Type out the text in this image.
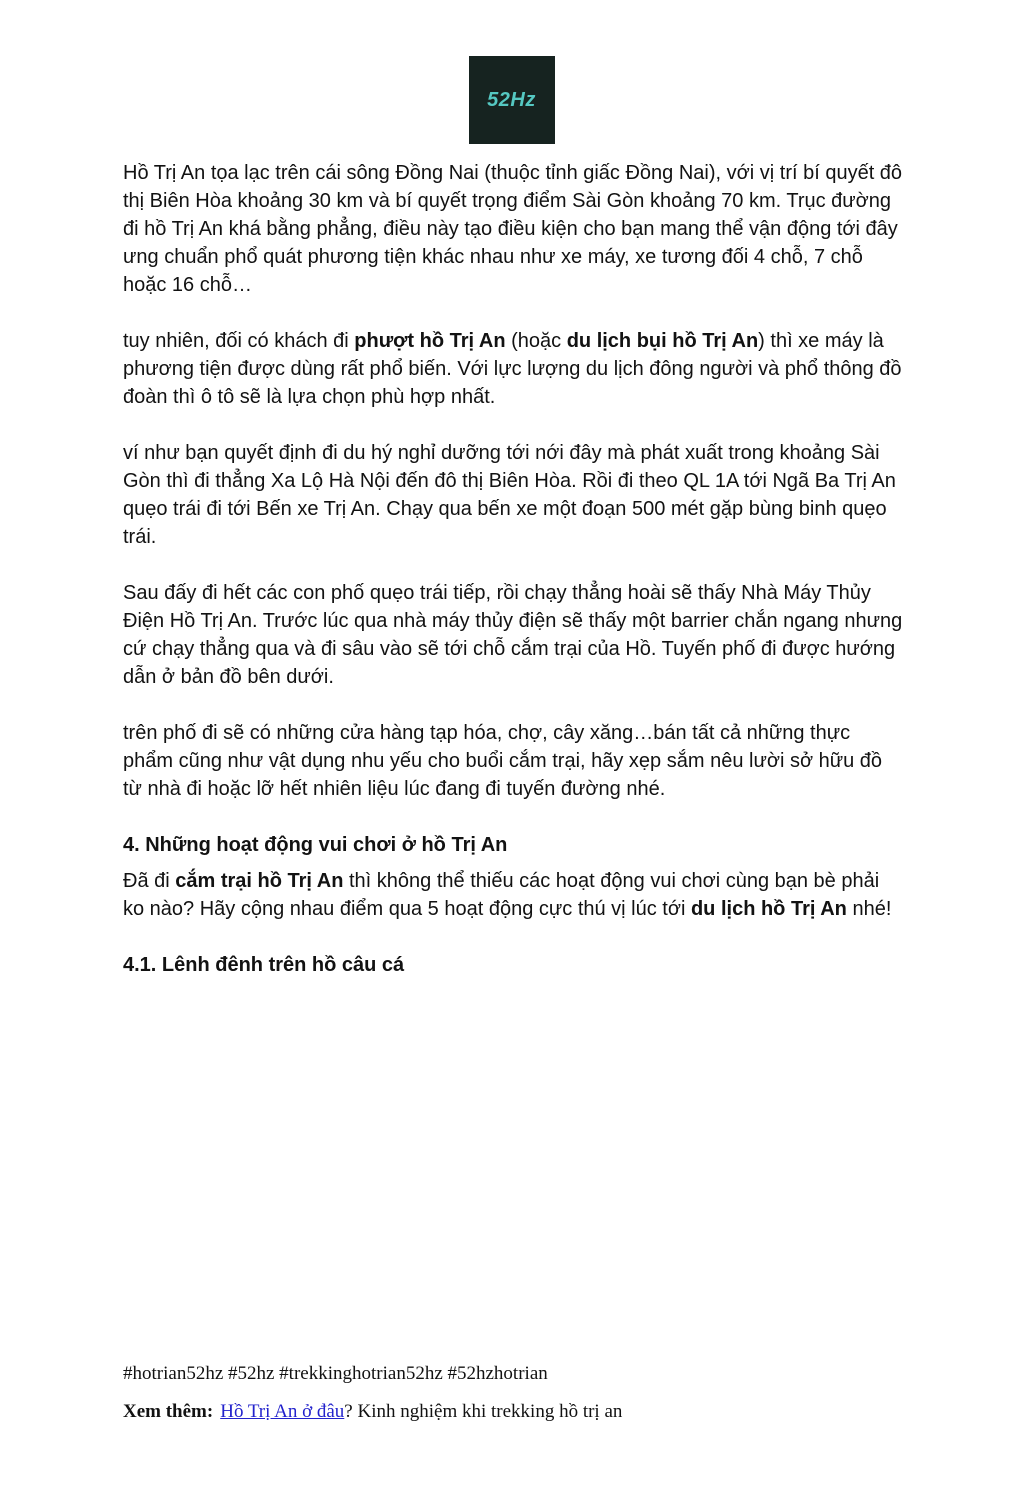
52Hz

Hồ Trị An tọa lạc trên cái sông Đồng Nai (thuộc tỉnh giấc Đồng Nai), với vị trí bí quyết đô thị Biên Hòa khoảng 30 km và bí quyết trọng điểm Sài Gòn khoảng 70 km. Trục đường đi hồ Trị An khá bằng phẳng, điều này tạo điều kiện cho bạn mang thể vận động tới đây ưng chuẩn phổ quát phương tiện khác nhau như xe máy, xe tương đối 4 chỗ, 7 chỗ hoặc 16 chỗ…

tuy nhiên, đối có khách đi phượt hồ Trị An (hoặc du lịch bụi hồ Trị An) thì xe máy là phương tiện được dùng rất phổ biến. Với lực lượng du lịch đông người và phổ thông đồ đoàn thì ô tô sẽ là lựa chọn phù hợp nhất.

ví như bạn quyết định đi du hý nghỉ dưỡng tới nới đây mà phát xuất trong khoảng Sài Gòn thì đi thẳng Xa Lộ Hà Nội đến đô thị Biên Hòa. Rồi đi theo QL 1A tới Ngã Ba Trị An quẹo trái đi tới Bến xe Trị An. Chạy qua bến xe một đoạn 500 mét gặp bùng binh quẹo trái.

Sau đấy đi hết các con phố quẹo trái tiếp, rồi chạy thẳng hoài sẽ thấy Nhà Máy Thủy Điện Hồ Trị An. Trước lúc qua nhà máy thủy điện sẽ thấy một barrier chắn ngang nhưng cứ chạy thẳng qua và đi sâu vào sẽ tới chỗ cắm trại của Hồ. Tuyến phố đi được hướng dẫn ở bản đồ bên dưới.

trên phố đi sẽ có những cửa hàng tạp hóa, chợ, cây xăng…bán tất cả những thực phẩm cũng như vật dụng nhu yếu cho buổi cắm trại, hãy xẹp sắm nêu lười sở hữu đồ từ nhà đi hoặc lỡ hết nhiên liệu lúc đang đi tuyến đường nhé.

4. Những hoạt động vui chơi ở hồ Trị An

Đã đi cắm trại hồ Trị An thì không thể thiếu các hoạt động vui chơi cùng bạn bè phải ko nào? Hãy cộng nhau điểm qua 5 hoạt động cực thú vị lúc tới du lịch hồ Trị An nhé!

4.1. Lênh đênh trên hồ câu cá

#hotrian52hz #52hz #trekkinghotrian52hz #52hzhotrian

Xem thêm: Hồ Trị An ở đâu? Kinh nghiệm khi trekking hồ trị an
